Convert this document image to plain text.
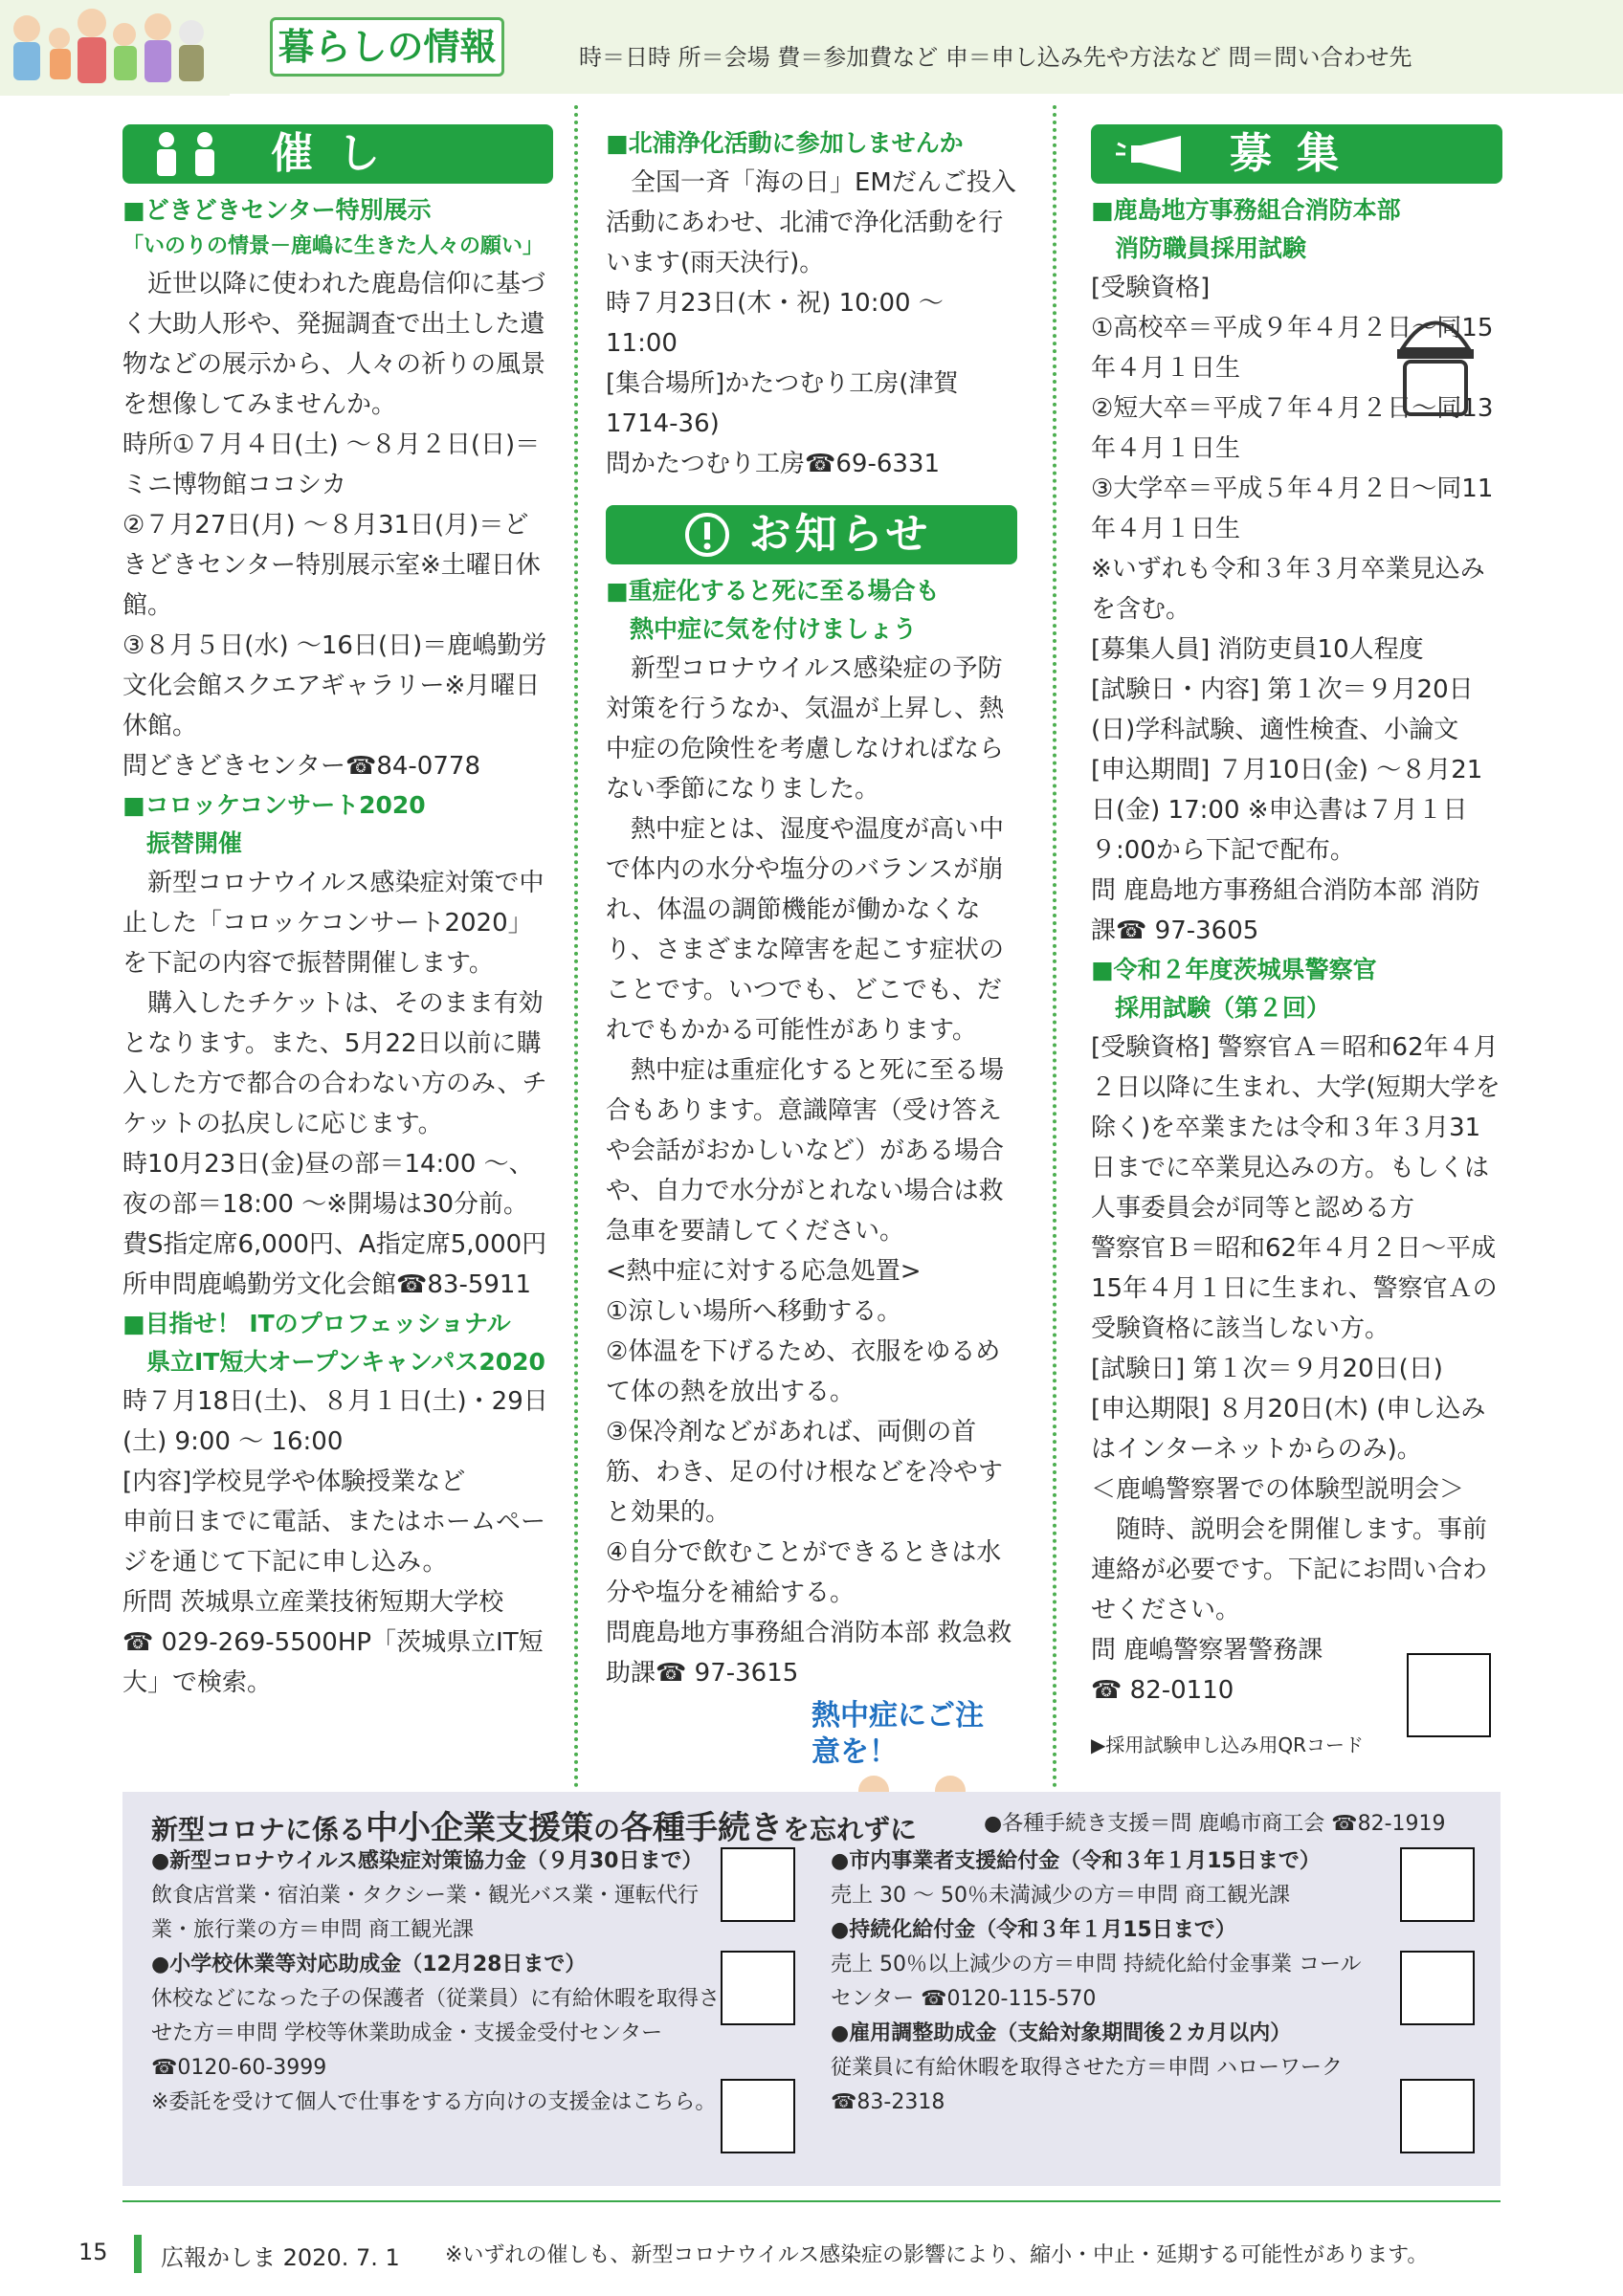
暮らしの情報	時＝日時 所＝会場 費＝参加費など 申＝申し込み先や方法など 問＝問い合わせ先
催し
■どきどきセンター特別展示
「いのりの情景－鹿嶋に生きた人々の願い」
　近世以降に使われた鹿島信仰に基づく大助人形や、発掘調査で出土した遺物などの展示から、人々の祈りの風景を想像してみませんか。
時所①７月４日(土) ～８月２日(日)＝ミニ博物館ココシカ
②７月27日(月) ～８月31日(月)＝どきどきセンター特別展示室※土曜日休館。
③８月５日(水) ～16日(日)＝鹿嶋勤労文化会館スクエアギャラリー※月曜日休館。
問どきどきセンター☎84-0778
■コロッケコンサート2020
　振替開催
　新型コロナウイルス感染症対策で中止した「コロッケコンサート2020」を下記の内容で振替開催します。
　購入したチケットは、そのまま有効となります。また、5月22日以前に購入した方で都合の合わない方のみ、チケットの払戻しに応じます。
時10月23日(金)昼の部＝14:00 ～、夜の部＝18:00 ～※開場は30分前。
費S指定席6,000円、A指定席5,000円
所申問鹿嶋勤労文化会館☎83-5911
■目指せ！ ITのプロフェッショナル
　県立IT短大オープンキャンパス2020
時７月18日(土)、８月１日(土)・29日(土) 9:00 ～ 16:00
[内容]学校見学や体験授業など
申前日までに電話、またはホームページを通じて下記に申し込み。
所問 茨城県立産業技術短期大学校
☎ 029-269-5500HP「茨城県立IT短大」で検索。
■北浦浄化活動に参加しませんか
　全国一斉「海の日」EMだんご投入活動にあわせ、北浦で浄化活動を行います(雨天決行)。
時７月23日(木・祝) 10:00 ～ 11:00
[集合場所]かたつむり工房(津賀1714-36)
問かたつむり工房☎69-6331
お知らせ
■重症化すると死に至る場合も
　熱中症に気を付けましょう
　新型コロナウイルス感染症の予防対策を行うなか、気温が上昇し、熱中症の危険性を考慮しなければならない季節になりました。
　熱中症とは、湿度や温度が高い中で体内の水分や塩分のバランスが崩れ、体温の調節機能が働かなくなり、さまざまな障害を起こす症状のことです。いつでも、どこでも、だれでもかかる可能性があります。
　熱中症は重症化すると死に至る場合もあります。意識障害（受け答えや会話がおかしいなど）がある場合や、自力で水分がとれない場合は救急車を要請してください。
<熱中症に対する応急処置>
①涼しい場所へ移動する。
②体温を下げるため、衣服をゆるめて体の熱を放出する。
③保冷剤などがあれば、両側の首筋、わき、足の付け根などを冷やすと効果的。
④自分で飲むことができるときは水分や塩分を補給する。
問鹿島地方事務組合消防本部 救急救助課☎ 97-3615
熱中症にご注意を！
募集
■鹿島地方事務組合消防本部
　消防職員採用試験
[受験資格]
①高校卒＝平成９年４月２日～同15年４月１日生
②短大卒＝平成７年４月２日～同13年４月１日生
③大学卒＝平成５年４月２日～同11年４月１日生
※いずれも令和３年３月卒業見込みを含む。
[募集人員] 消防吏員10人程度
[試験日・内容] 第１次＝９月20日(日)学科試験、適性検査、小論文
[申込期間] ７月10日(金) ～８月21日(金) 17:00 ※申込書は７月１日９:00から下記で配布。
問 鹿島地方事務組合消防本部 消防課☎ 97-3605
■令和２年度茨城県警察官
　採用試験（第２回）
[受験資格] 警察官Ａ＝昭和62年４月２日以降に生まれ、大学(短期大学を除く)を卒業または令和３年３月31日までに卒業見込みの方。もしくは人事委員会が同等と認める方
警察官Ｂ＝昭和62年４月２日～平成15年４月１日に生まれ、警察官Ａの受験資格に該当しない方。
[試験日] 第１次＝９月20日(日)
[申込期限] ８月20日(木) (申し込みはインターネットからのみ)。
＜鹿嶋警察署での体験型説明会＞
　随時、説明会を開催します。事前連絡が必要です。下記にお問い合わせください。
問 鹿嶋警察署警務課
☎ 82-0110
▶採用試験申し込み用QRコード
新型コロナに係る中小企業支援策の各種手続きを忘れずに	●各種手続き支援＝問 鹿嶋市商工会 ☎82-1919
●新型コロナウイルス感染症対策協力金（９月30日まで）
飲食店営業・宿泊業・タクシー業・観光バス業・運転代行業・旅行業の方＝申問 商工観光課
●小学校休業等対応助成金（12月28日まで）
休校などになった子の保護者（従業員）に有給休暇を取得させた方＝申問 学校等休業助成金・支援金受付センター☎0120-60-3999
※委託を受けて個人で仕事をする方向けの支援金はこちら。
●市内事業者支援給付金（令和３年１月15日まで）
売上 30 ～ 50％未満減少の方＝申問 商工観光課
●持続化給付金（令和３年１月15日まで）
売上 50％以上減少の方＝申問 持続化給付金事業 コールセンター ☎0120-115-570
●雇用調整助成金（支給対象期間後２カ月以内）
従業員に有給休暇を取得させた方＝申問 ハローワーク ☎83-2318
15 広報かしま 2020. 7. 1 ※いずれの催しも、新型コロナウイルス感染症の影響により、縮小・中止・延期する可能性があります。
